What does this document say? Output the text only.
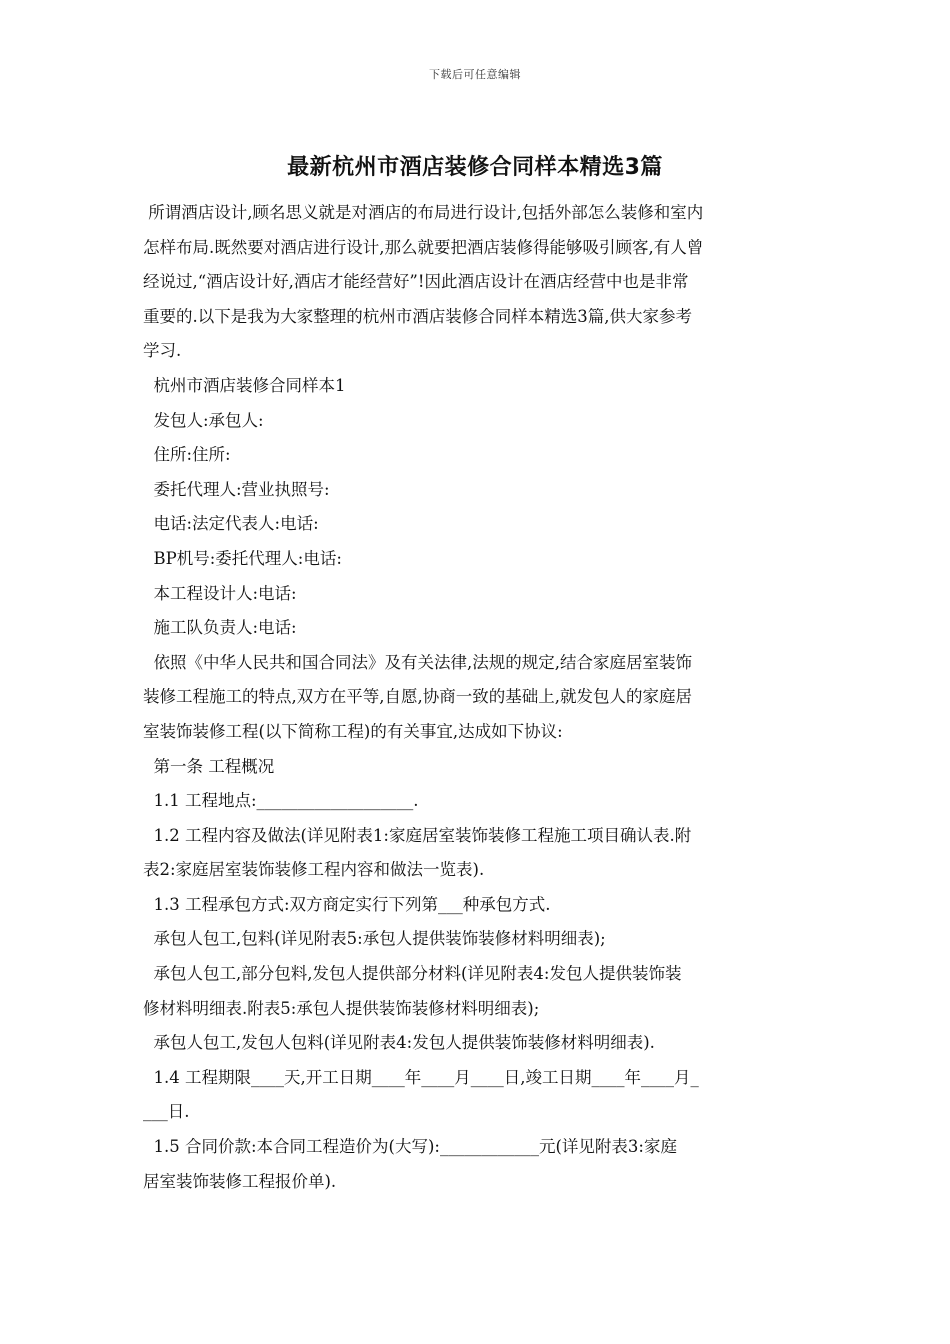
下载后可任意编辑
最新杭州市酒店装修合同样本精选3篇
所谓酒店设计,顾名思义就是对酒店的布局进行设计,包括外部怎么装修和室内
怎样布局.既然要对酒店进行设计,那么就要把酒店装修得能够吸引顾客,有人曾
经说过,“酒店设计好,酒店才能经营好”!因此酒店设计在酒店经营中也是非常
重要的.以下是我为大家整理的杭州市酒店装修合同样本精选3篇,供大家参考
学习.
杭州市酒店装修合同样本1
发包人:承包人:
住所:住所:
委托代理人:营业执照号:
电话:法定代表人:电话:
BP机号:委托代理人:电话:
本工程设计人:电话:
施工队负责人:电话:
依照《中华人民共和国合同法》及有关法律,法规的规定,结合家庭居室装饰
装修工程施工的特点,双方在平等,自愿,协商一致的基础上,就发包人的家庭居
室装饰装修工程(以下简称工程)的有关事宜,达成如下协议:
第一条 工程概况
1.1 工程地点:___________________.
1.2 工程内容及做法(详见附表1:家庭居室装饰装修工程施工项目确认表.附
表2:家庭居室装饰装修工程内容和做法一览表).
1.3 工程承包方式:双方商定实行下列第___种承包方式.
承包人包工,包料(详见附表5:承包人提供装饰装修材料明细表);
承包人包工,部分包料,发包人提供部分材料(详见附表4:发包人提供装饰装
修材料明细表.附表5:承包人提供装饰装修材料明细表);
承包人包工,发包人包料(详见附表4:发包人提供装饰装修材料明细表).
1.4 工程期限____天,开工日期____年____月____日,竣工日期____年____月_
___日.
1.5 合同价款:本合同工程造价为(大写):____________元(详见附表3:家庭
居室装饰装修工程报价单).
